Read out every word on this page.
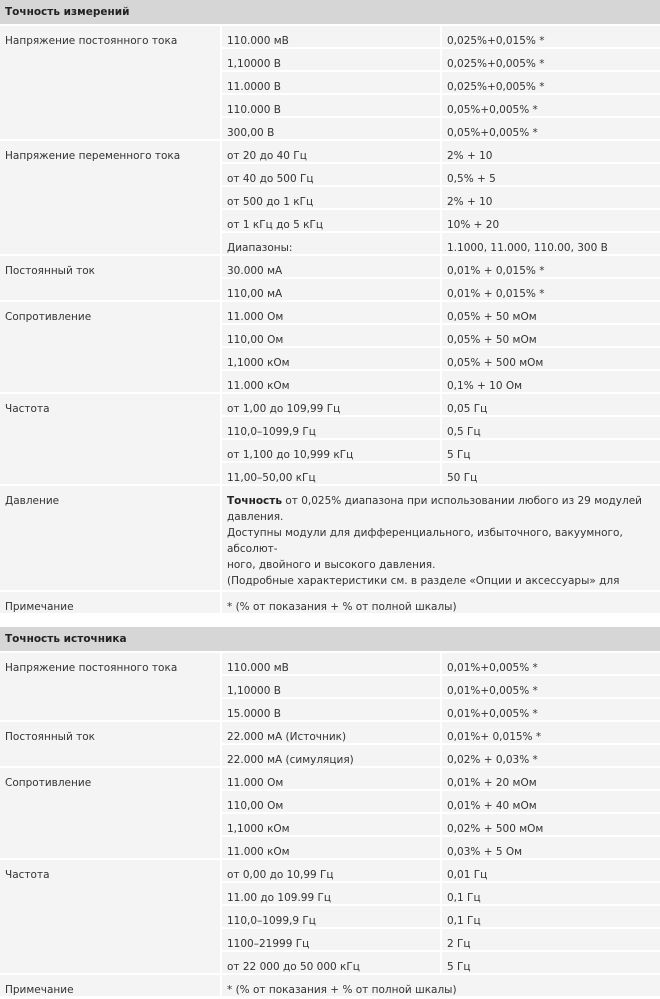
Точность измерений
Напряжение постоянного тока	110.000 мВ	0,025%+0,015% *
1,10000 В	0,025%+0,005% *
11.0000 В	0,025%+0,005% *
110.000 В	0,05%+0,005% *
300,00 В	0,05%+0,005% *
Напряжение переменного тока	от 20 до 40 Гц	2% + 10
от 40 до 500 Гц	0,5% + 5
от 500 до 1 кГц	2% + 10
от 1 кГц до 5 кГц	10% + 20
Диапазоны:	1.1000, 11.000, 110.00, 300 В
Постоянный ток	30.000 мА	0,01% + 0,015% *
110,00 мА	0,01% + 0,015% *
Сопротивление	11.000 Ом	0,05% + 50 мОм
110,00 Ом	0,05% + 50 мОм
1,1000 кОм	0,05% + 500 мОм
11.000 кОм	0,1% + 10 Ом
Частота	от 1,00 до 109,99 Гц	0,05 Гц
110,0–1099,9 Гц	0,5 Гц
от 1,100 до 10,999 кГц	5 Гц
11,00–50,00 кГц	50 Гц
Давление	Точность от 0,025% диапазона при использовании любого из 29 модулей
давления.
Доступны модули для дифференциального, избыточного, вакуумного, абсолют-
ного, двойного и высокого давления.
(Подробные характеристики см. в разделе «Опции и аксессуары» для

Примечание	* (% от показания + % от полной шкалы)
Точность источника
Напряжение постоянного тока	110.000 мВ	0,01%+0,005% *
1,10000 В	0,01%+0,005% *
15.0000 В	0,01%+0,005% *
Постоянный ток	22.000 мА (Источник)	0,01%+ 0,015% *
22.000 мА (симуляция)	0,02% + 0,03% *
Сопротивление	11.000 Ом	0,01% + 20 мОм
110,00 Ом	0,01% + 40 мОм
1,1000 кОм	0,02% + 500 мОм
11.000 кОм	0,03% + 5 Ом
Частота	от 0,00 до 10,99 Гц	0,01 Гц
11.00 до 109.99 Гц	0,1 Гц
110,0–1099,9 Гц	0,1 Гц
1100–21999 Гц	2 Гц
от 22 000 до 50 000 кГц	5 Гц
Примечание	* (% от показания + % от полной шкалы)
